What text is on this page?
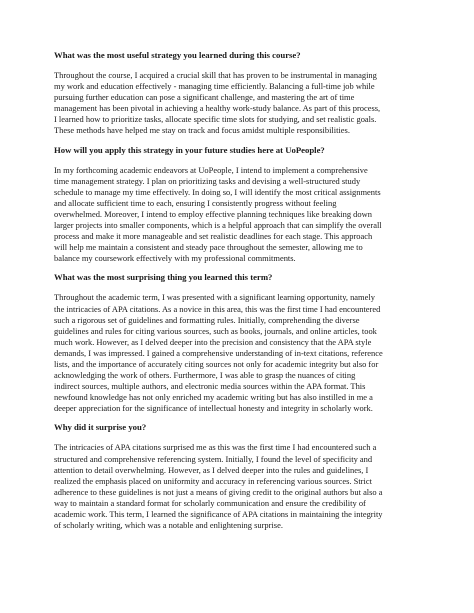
What was the most useful strategy you learned during this course?

Throughout the course, I acquired a crucial skill that has proven to be instrumental in managing
my work and education effectively - managing time efficiently. Balancing a full-time job while
pursuing further education can pose a significant challenge, and mastering the art of time
management has been pivotal in achieving a healthy work-study balance. As part of this process,
I learned how to prioritize tasks, allocate specific time slots for studying, and set realistic goals.
These methods have helped me stay on track and focus amidst multiple responsibilities.

How will you apply this strategy in your future studies here at UoPeople?

In my forthcoming academic endeavors at UoPeople, I intend to implement a comprehensive
time management strategy. I plan on prioritizing tasks and devising a well-structured study
schedule to manage my time effectively. In doing so, I will identify the most critical assignments
and allocate sufficient time to each, ensuring I consistently progress without feeling
overwhelmed. Moreover, I intend to employ effective planning techniques like breaking down
larger projects into smaller components, which is a helpful approach that can simplify the overall
process and make it more manageable and set realistic deadlines for each stage. This approach
will help me maintain a consistent and steady pace throughout the semester, allowing me to
balance my coursework effectively with my professional commitments.

What was the most surprising thing you learned this term?

Throughout the academic term, I was presented with a significant learning opportunity, namely
the intricacies of APA citations. As a novice in this area, this was the first time I had encountered
such a rigorous set of guidelines and formatting rules. Initially, comprehending the diverse
guidelines and rules for citing various sources, such as books, journals, and online articles, took
much work. However, as I delved deeper into the precision and consistency that the APA style
demands, I was impressed. I gained a comprehensive understanding of in-text citations, reference
lists, and the importance of accurately citing sources not only for academic integrity but also for
acknowledging the work of others. Furthermore, I was able to grasp the nuances of citing
indirect sources, multiple authors, and electronic media sources within the APA format. This
newfound knowledge has not only enriched my academic writing but has also instilled in me a
deeper appreciation for the significance of intellectual honesty and integrity in scholarly work.

Why did it surprise you?

The intricacies of APA citations surprised me as this was the first time I had encountered such a
structured and comprehensive referencing system. Initially, I found the level of specificity and
attention to detail overwhelming. However, as I delved deeper into the rules and guidelines, I
realized the emphasis placed on uniformity and accuracy in referencing various sources. Strict
adherence to these guidelines is not just a means of giving credit to the original authors but also a
way to maintain a standard format for scholarly communication and ensure the credibility of
academic work. This term, I learned the significance of APA citations in maintaining the integrity
of scholarly writing, which was a notable and enlightening surprise.
